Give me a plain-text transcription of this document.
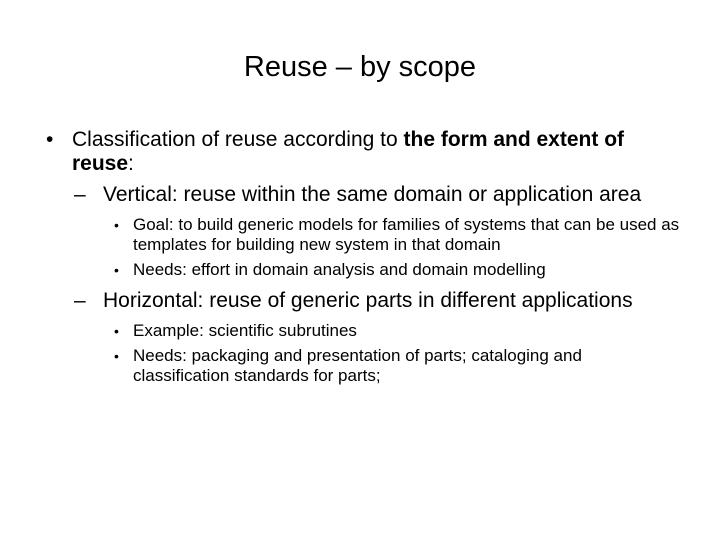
Reuse – by scope
• Classification of reuse according to the form and extent of reuse:
– Vertical: reuse within the same domain or application area
• Goal: to build generic models for families of systems that can be used as templates for building new system in that domain
• Needs: effort in domain analysis and domain modelling
– Horizontal: reuse of generic parts in different applications
• Example: scientific subrutines
• Needs: packaging and presentation of parts; cataloging and classification standards for parts;
